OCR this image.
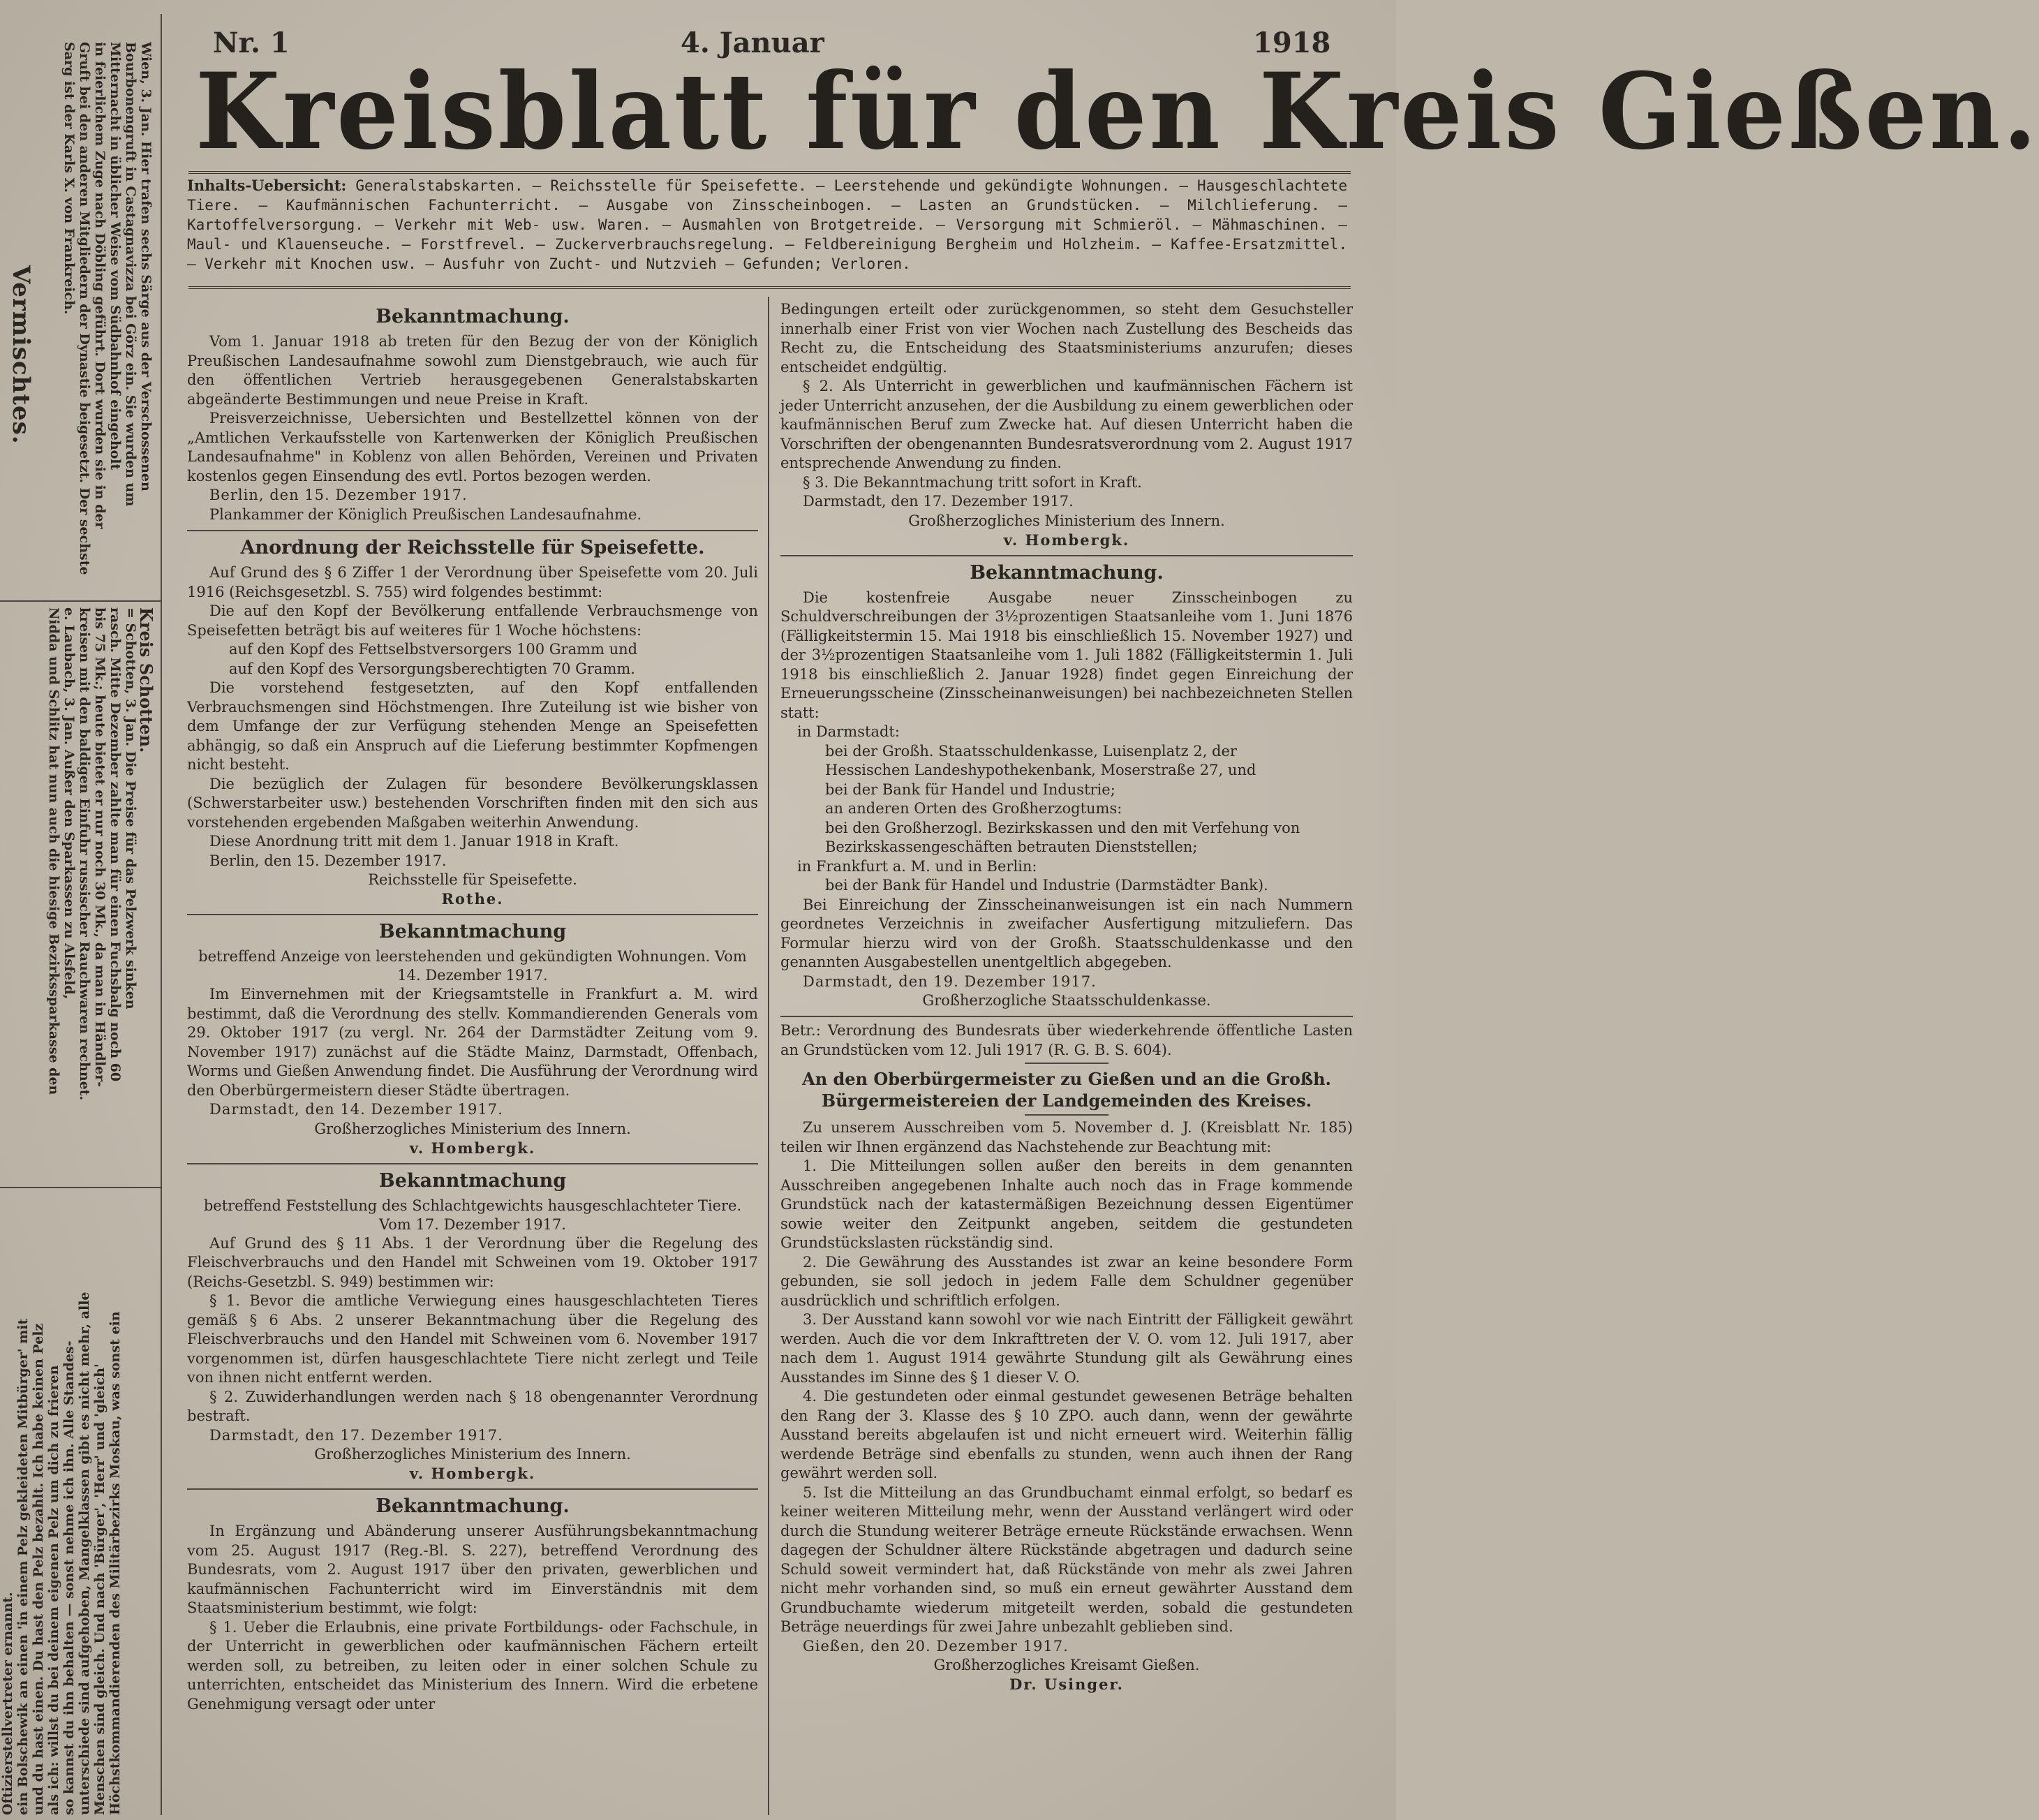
Vermischtes.	Wien, 3. Jan. Hier trafen sechs Särge aus der Verschossenen
Bourbonengruft in Castagnavizza bei Görz ein. Sie wurden um
Mitternacht in üblicher Weise vom Südbahnhof eingeholt
in feierlichem Zuge nach Döbling geführt. Dort wurden sie in der
Gruft bei den anderen Mitgliedern der Dynastie beigesetzt. Der sechste
Sarg ist der Karls X. von Frankreich.
Kreis Schotten.
= Schotten, 3. Jan. Die Preise für das Pelzwerk sinken
rasch. Mitte Dezember zahlte man für einen Fuchsbalg noch 60
bis 75 Mk.; heute bietet er nur noch 30 Mk., da man in Händler-
kreisen mit den baldigen Einfuhr russischer Rauchwaren rechnet.
e. Laubach, 3. Jan. Außer den Sparkassen zu Alsfeld,
Nidda und Schlitz hat nun auch die hiesige Bezirkssparkasse den
Oftizierstellvertreter ernannt. ein Bolschewik an einen 'in einem Pelz gekleideten Mitbürger' mit und du hast einen. Du hast den Pelz bezahlt. Ich habe keinen Pelz als ich: willst du bei deinem eigenen Pelz um dich zu frieren so kannst du ihn behalten — sonst nehme ich ihn. Alle Standes- unterschiede sind aufgehoben, Mangelklassen gibt es nicht mehr, alle Menschen sind gleich. Und nach 'Bürger', 'Herr' und 'gleich' Höchstkommandierenden des Militärbezirks Moskau, was sonst ein
Nr. 1	4. Januar	1918
Kreisblatt für den Kreis Gießen.
Inhalts-Uebersicht: Generalstabskarten. — Reichsstelle für Speisefette. — Leerstehende und gekündigte Wohnungen. — Hausgeschlachtete Tiere. — Kaufmännischen Fachunterricht. — Ausgabe von Zinsscheinbogen. — Lasten an Grundstücken. — Milchlieferung. — Kartoffelversorgung. — Verkehr mit Web- usw. Waren. — Ausmahlen von Brotgetreide. — Versorgung mit Schmieröl. — Mähmaschinen. — Maul- und Klauenseuche. — Forstfrevel. — Zuckerverbrauchsregelung. — Feldbereinigung Bergheim und Holzheim. — Kaffee-Ersatzmittel. — Verkehr mit Knochen usw. — Ausfuhr von Zucht- und Nutzvieh — Gefunden; Verloren.
Bekanntmachung.

Vom 1. Januar 1918 ab treten für den Bezug der von der Königlich Preußischen Landesaufnahme sowohl zum Dienstgebrauch, wie auch für den öffentlichen Vertrieb herausgegebenen Generalstabskarten abgeänderte Bestimmungen und neue Preise in Kraft.

Preisverzeichnisse, Uebersichten und Bestellzettel können von der „Amtlichen Verkaufsstelle von Kartenwerken der Königlich Preußischen Landesaufnahme" in Koblenz von allen Behörden, Vereinen und Privaten kostenlos gegen Einsendung des evtl. Portos bezogen werden.

Berlin, den 15. Dezember 1917.

Plankammer der Königlich Preußischen Landesaufnahme.

Anordnung der Reichsstelle für Speisefette.

Auf Grund des § 6 Ziffer 1 der Verordnung über Speisefette vom 20. Juli 1916 (Reichsgesetzbl. S. 755) wird folgendes bestimmt:

Die auf den Kopf der Bevölkerung entfallende Verbrauchsmenge von Speisefetten beträgt bis auf weiteres für 1 Woche höchstens:

auf den Kopf des Fettselbstversorgers 100 Gramm und
auf den Kopf des Versorgungsberechtigten 70 Gramm.

Die vorstehend festgesetzten, auf den Kopf entfallenden Verbrauchsmengen sind Höchstmengen. Ihre Zuteilung ist wie bisher von dem Umfange der zur Verfügung stehenden Menge an Speisefetten abhängig, so daß ein Anspruch auf die Lieferung bestimmter Kopfmengen nicht besteht.

Die bezüglich der Zulagen für besondere Bevölkerungsklassen (Schwerstarbeiter usw.) bestehenden Vorschriften finden mit den sich aus vorstehenden ergebenden Maßgaben weiterhin Anwendung.

Diese Anordnung tritt mit dem 1. Januar 1918 in Kraft.

Berlin, den 15. Dezember 1917.

Reichsstelle für Speisefette.
Rothe.
Bekanntmachung
betreffend Anzeige von leerstehenden und gekündigten Wohnungen. Vom 14. Dezember 1917.

Im Einvernehmen mit der Kriegsamtstelle in Frankfurt a. M. wird bestimmt, daß die Verordnung des stellv. Kommandierenden Generals vom 29. Oktober 1917 (zu vergl. Nr. 264 der Darmstädter Zeitung vom 9. November 1917) zunächst auf die Städte Mainz, Darmstadt, Offenbach, Worms und Gießen Anwendung findet. Die Ausführung der Verordnung wird den Oberbürgermeistern dieser Städte übertragen.

Darmstadt, den 14. Dezember 1917.

Großherzogliches Ministerium des Innern.
v. Hombergk.
Bekanntmachung
betreffend Feststellung des Schlachtgewichts hausgeschlachteter Tiere. Vom 17. Dezember 1917.

Auf Grund des § 11 Abs. 1 der Verordnung über die Regelung des Fleischverbrauchs und den Handel mit Schweinen vom 19. Oktober 1917 (Reichs-Gesetzbl. S. 949) bestimmen wir:

§ 1. Bevor die amtliche Verwiegung eines hausgeschlachteten Tieres gemäß § 6 Abs. 2 unserer Bekanntmachung über die Regelung des Fleischverbrauchs und den Handel mit Schweinen vom 6. November 1917 vorgenommen ist, dürfen hausgeschlachtete Tiere nicht zerlegt und Teile von ihnen nicht entfernt werden.

§ 2. Zuwiderhandlungen werden nach § 18 obengenannter Verordnung bestraft.

Darmstadt, den 17. Dezember 1917.

Großherzogliches Ministerium des Innern.
v. Hombergk.
Bekanntmachung.

In Ergänzung und Abänderung unserer Ausführungsbekanntmachung vom 25. August 1917 (Reg.-Bl. S. 227), betreffend Verordnung des Bundesrats, vom 2. August 1917 über den privaten, gewerblichen und kaufmännischen Fachunterricht wird im Einverständnis mit dem Staatsministerium bestimmt, wie folgt:

§ 1. Ueber die Erlaubnis, eine private Fortbildungs- oder Fachschule, in der Unterricht in gewerblichen oder kaufmännischen Fächern erteilt werden soll, zu betreiben, zu leiten oder in einer solchen Schule zu unterrichten, entscheidet das Ministerium des Innern. Wird die erbetene Genehmigung versagt oder unter

Bedingungen erteilt oder zurückgenommen, so steht dem Gesuchsteller innerhalb einer Frist von vier Wochen nach Zustellung des Bescheids das Recht zu, die Entscheidung des Staatsministeriums anzurufen; dieses entscheidet endgültig.

§ 2. Als Unterricht in gewerblichen und kaufmännischen Fächern ist jeder Unterricht anzusehen, der die Ausbildung zu einem gewerblichen oder kaufmännischen Beruf zum Zwecke hat. Auf diesen Unterricht haben die Vorschriften der obengenannten Bundesratsverordnung vom 2. August 1917 entsprechende Anwendung zu finden.

§ 3. Die Bekanntmachung tritt sofort in Kraft.

Darmstadt, den 17. Dezember 1917.

Großherzogliches Ministerium des Innern.
v. Hombergk.
Bekanntmachung.

Die kostenfreie Ausgabe neuer Zinsscheinbogen zu Schuldverschreibungen der 3½prozentigen Staatsanleihe vom 1. Juni 1876 (Fälligkeitstermin 15. Mai 1918 bis einschließlich 15. November 1927) und der 3½prozentigen Staatsanleihe vom 1. Juli 1882 (Fälligkeitstermin 1. Juli 1918 bis einschließlich 2. Januar 1928) findet gegen Einreichung der Erneuerungsscheine (Zinsscheinanweisungen) bei nachbezeichneten Stellen statt:

in Darmstadt:
bei der Großh. Staatsschuldenkasse, Luisenplatz 2, der
Hessischen Landeshypothekenbank, Moserstraße 27, und
bei der Bank für Handel und Industrie;
an anderen Orten des Großherzogtums:
bei den Großherzogl. Bezirkskassen und den mit Verfehung von
Bezirkskassengeschäften betrauten Dienststellen;
in Frankfurt a. M. und in Berlin:
bei der Bank für Handel und Industrie (Darmstädter Bank).

Bei Einreichung der Zinsscheinanweisungen ist ein nach Nummern geordnetes Verzeichnis in zweifacher Ausfertigung mitzuliefern. Das Formular hierzu wird von der Großh. Staatsschuldenkasse und den genannten Ausgabestellen unentgeltlich abgegeben.

Darmstadt, den 19. Dezember 1917.

Großherzogliche Staatsschuldenkasse.

Betr.: Verordnung des Bundesrats über wiederkehrende öffentliche Lasten an Grundstücken vom 12. Juli 1917 (R. G. B. S. 604).

An den Oberbürgermeister zu Gießen und an die Großh. Bürgermeistereien der Landgemeinden des Kreises.

Zu unserem Ausschreiben vom 5. November d. J. (Kreisblatt Nr. 185) teilen wir Ihnen ergänzend das Nachstehende zur Beachtung mit:

1. Die Mitteilungen sollen außer den bereits in dem genannten Ausschreiben angegebenen Inhalte auch noch das in Frage kommende Grundstück nach der katastermäßigen Bezeichnung dessen Eigentümer sowie weiter den Zeitpunkt angeben, seitdem die gestundeten Grundstückslasten rückständig sind.

2. Die Gewährung des Ausstandes ist zwar an keine besondere Form gebunden, sie soll jedoch in jedem Falle dem Schuldner gegenüber ausdrücklich und schriftlich erfolgen.

3. Der Ausstand kann sowohl vor wie nach Eintritt der Fälligkeit gewährt werden. Auch die vor dem Inkrafttreten der V. O. vom 12. Juli 1917, aber nach dem 1. August 1914 gewährte Stundung gilt als Gewährung eines Ausstandes im Sinne des § 1 dieser V. O.

4. Die gestundeten oder einmal gestundet gewesenen Beträge behalten den Rang der 3. Klasse des § 10 ZPO. auch dann, wenn der gewährte Ausstand bereits abgelaufen ist und nicht erneuert wird. Weiterhin fällig werdende Beträge sind ebenfalls zu stunden, wenn auch ihnen der Rang gewährt werden soll.

5. Ist die Mitteilung an das Grundbuchamt einmal erfolgt, so bedarf es keiner weiteren Mitteilung mehr, wenn der Ausstand verlängert wird oder durch die Stundung weiterer Beträge erneute Rückstände erwachsen. Wenn dagegen der Schuldner ältere Rückstände abgetragen und dadurch seine Schuld soweit vermindert hat, daß Rückstände von mehr als zwei Jahren nicht mehr vorhanden sind, so muß ein erneut gewährter Ausstand dem Grundbuchamte wiederum mitgeteilt werden, sobald die gestundeten Beträge neuerdings für zwei Jahre unbezahlt geblieben sind.

Gießen, den 20. Dezember 1917.

Großherzogliches Kreisamt Gießen.
Dr. Usinger.
